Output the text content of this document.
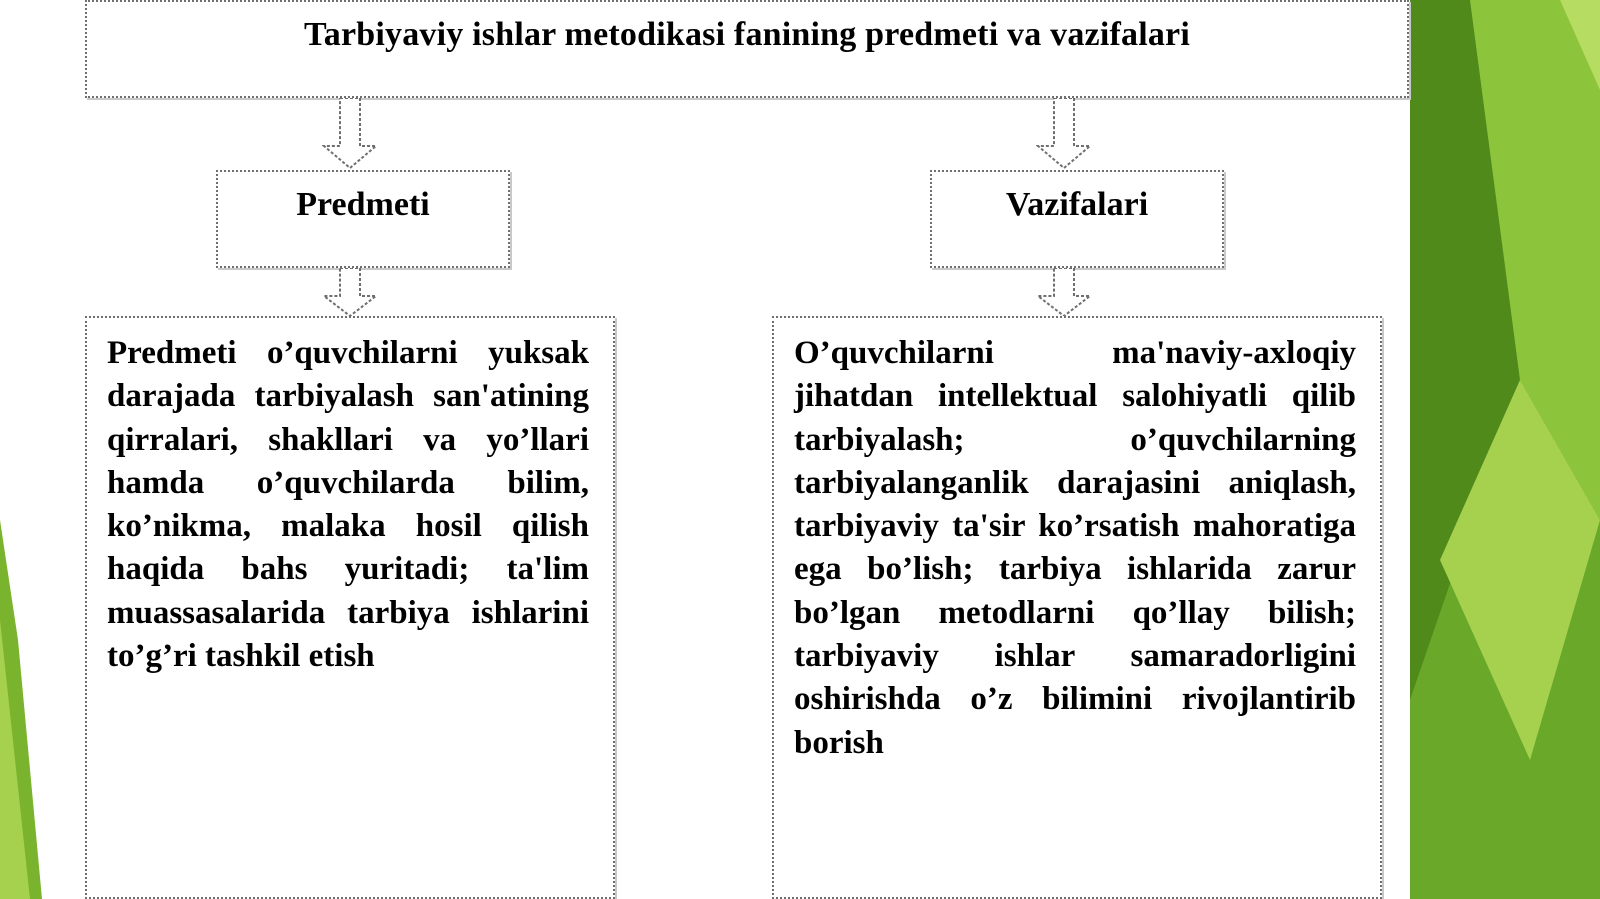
Tarbiyaviy ishlar metodikasi fanining predmeti va vazifalari
Predmeti	Vazifalari
Predmeti o’quvchilarni yuksak darajada tarbiyalash san'atining qirralari, shakllari va yo’llari hamda o’quvchilarda bilim, ko’nikma, malaka hosil qilish haqida bahs yuritadi; ta'lim muassasalarida tarbiya ishlarini to’g’ri tashkil etish
O’quvchilarni ma'naviy-axloqiy jihatdan intellektual salohiyatli qilib tarbiyalash; o’quvchilarning tarbiyalanganlik darajasini aniqlash, tarbiyaviy ta'sir ko’rsatish mahoratiga ega bo’lish; tarbiya ishlarida zarur bo’lgan metodlarni qo’llay bilish; tarbiyaviy ishlar samaradorligini oshirishda o’z bilimini rivojlantirib borish
